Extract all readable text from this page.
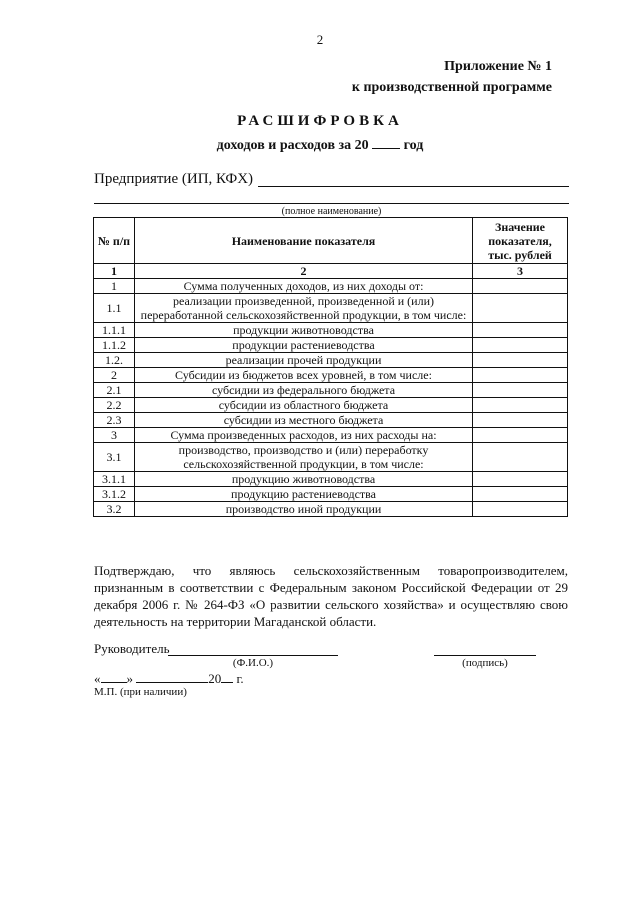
2
Приложение № 1
к производственной программе
РАСШИФРОВКА
доходов и расходов за 20	год
Предприятие (ИП, КФХ)
(полное наименование)
№ п/п	Наименование показателя	Значение показателя, тыс. рублей
1	2	3
1	Сумма полученных доходов, из них доходы от:	
1.1	реализации произведенной, произведенной и (или) переработанной сельскохозяйственной продукции, в том числе:	
1.1.1	продукции животноводства	
1.1.2	продукции растениеводства	
1.2.	реализации прочей продукции	
2	Субсидии из бюджетов всех уровней, в том числе:	
2.1	субсидии из федерального бюджета	
2.2	субсидии из областного бюджета	
2.3	субсидии из местного бюджета	
3	Сумма произведенных расходов, из них расходы на:	
3.1	производство, производство и (или) переработку сельскохозяйственной продукции, в том числе:	
3.1.1	продукцию животноводства	
3.1.2	продукцию растениеводства	
3.2	производство иной продукции	
Подтверждаю, что являюсь сельскохозяйственным товаропроизводителем, признанным в соответствии с Федеральным законом Российской Федерации от 29 декабря 2006 г. № 264-ФЗ «О развитии сельского хозяйства» и осуществляю свою деятельность на территории Магаданской области.
Руководитель
(Ф.И.О.)	(подпись)
« »	20 г.
М.П. (при наличии)
